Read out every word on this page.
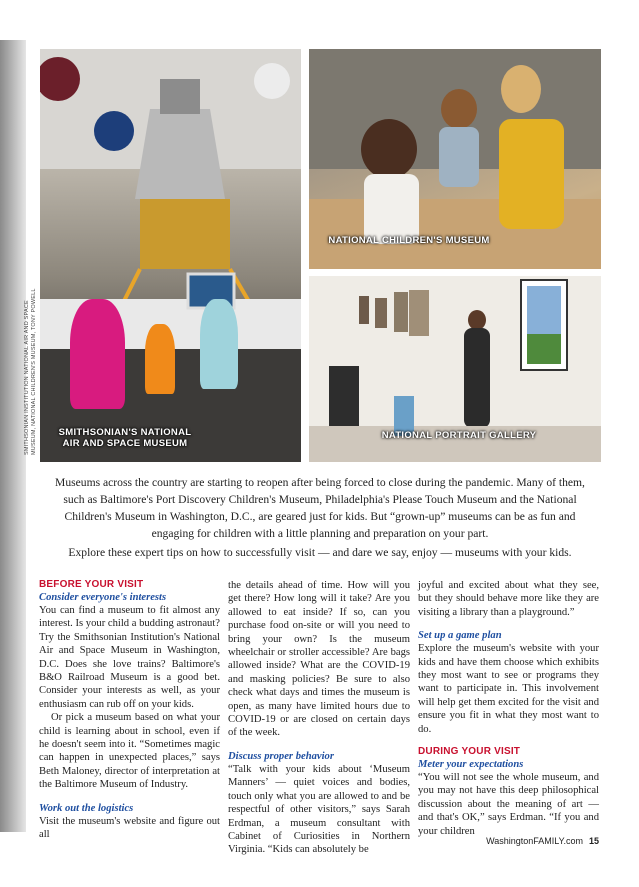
SMITHSONIAN'S NATIONAL
AIR AND SPACE MUSEUM
NATIONAL CHILDREN'S MUSEUM
NATIONAL PORTRAIT GALLERY
SMITHSONIAN INSTITUTION NATIONAL AIR AND SPACE MUSEUM, NATIONAL CHILDREN'S MUSEUM, TONY POWELL
Museums across the country are starting to reopen after being forced to close during the pandemic. Many of them, such as Baltimore's Port Discovery Children's Museum, Philadelphia's Please Touch Museum and the National Children's Museum in Washington, D.C., are geared just for kids. But “grown-up” museums can be as fun and engaging for children with a little planning and preparation on your part.
Explore these expert tips on how to successfully visit — and dare we say, enjoy — museums with your kids.

BEFORE YOUR VISIT

Consider everyone's interests

You can find a museum to fit almost any interest. Is your child a budding astronaut? Try the Smithsonian Institution's National Air and Space Museum in Washington, D.C. Does she love trains? Baltimore's B&O Railroad Museum is a good bet. Consider your interests as well, as your enthusiasm can rub off on your kids.

Or pick a museum based on what your child is learning about in school, even if he doesn't seem into it. “Sometimes magic can happen in unexpected places,” says Beth Maloney, director of interpretation at the Baltimore Museum of Industry.

Work out the logistics

Visit the museum's website and figure out all

the details ahead of time. How will you get there? How long will it take? Are you allowed to eat inside? If so, can you purchase food on-site or will you need to bring your own? Is the museum wheelchair or stroller accessible? Are bags allowed inside? What are the COVID-19 and masking policies? Be sure to also check what days and times the museum is open, as many have limited hours due to COVID-19 or are closed on certain days of the week.

Discuss proper behavior

“Talk with your kids about ‘Museum Manners’ — quiet voices and bodies, touch only what you are allowed to and be respectful of other visitors,” says Sarah Erdman, a museum consultant with Cabinet of Curiosities in Northern Virginia. “Kids can absolutely be

joyful and excited about what they see, but they should behave more like they are visiting a library than a playground.”

Set up a game plan

Explore the museum's website with your kids and have them choose which exhibits they most want to see or programs they want to participate in. This involvement will help get them excited for the visit and ensure you fit in what they most want to do.

DURING YOUR VISIT

Meter your expectations

“You will not see the whole museum, and you may not have this deep philosophical discussion about the meaning of art — and that's OK,” says Erdman. “If you and your children

WashingtonFAMILY.com 15
